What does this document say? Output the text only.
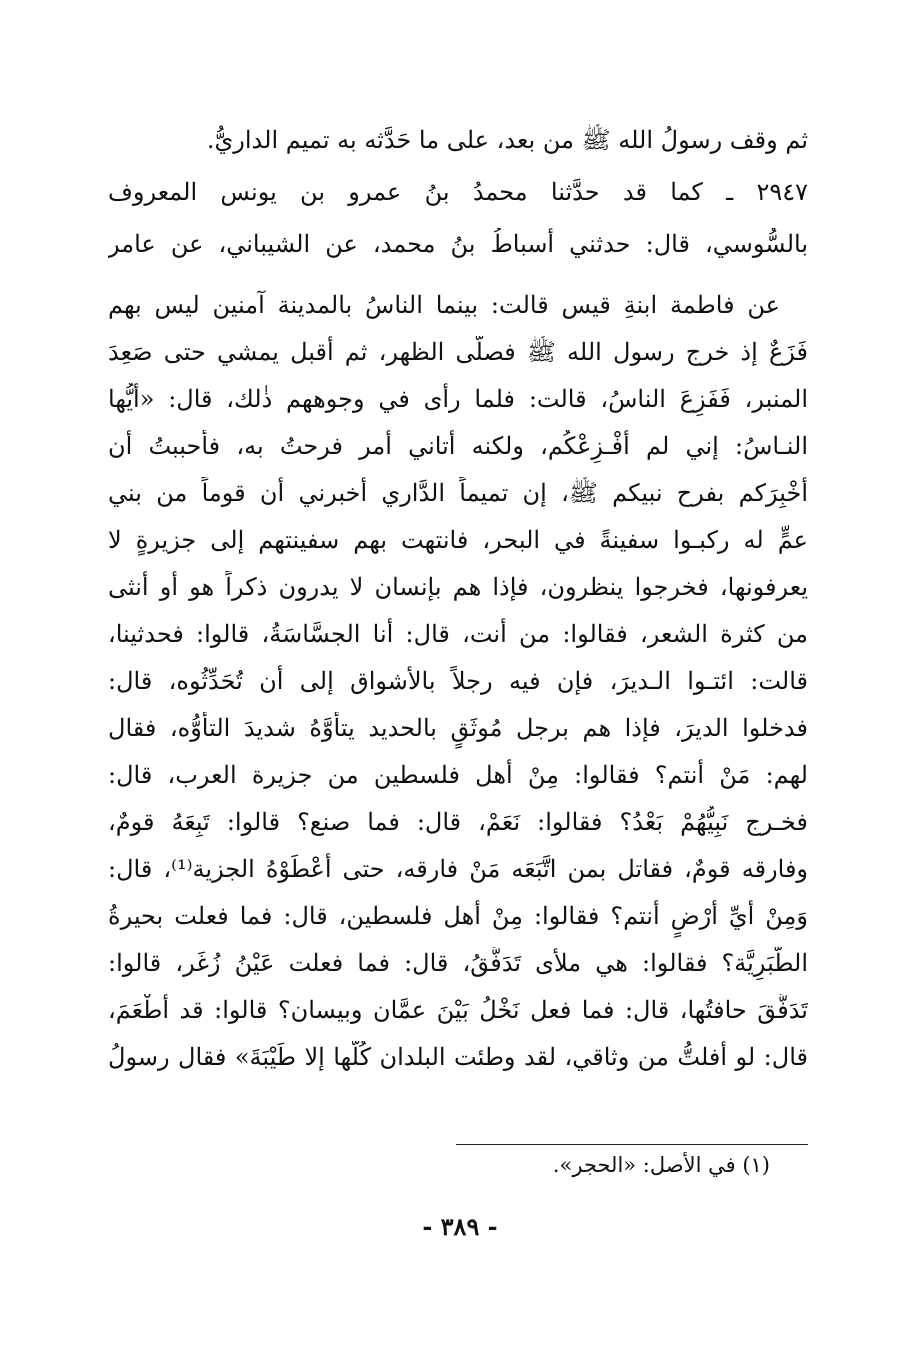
ثم وقف رسولُ الله ﷺ من بعد، على ما حَدَّثه به تميم الداريُّ.
٢٩٤٧ ـ كما قد حدَّثنا محمدُ بنُ عمرو بن يونس المعروف
بالسُّوسي، قال: حدثني أسباطُ بنُ محمد، عن الشيباني، عن عامر
عن فاطمة ابنةِ قيس قالت: بينما الناسُ بالمدينة آمنين ليس بهم
فَزَعٌ إذ خرج رسول الله ﷺ فصلَّى الظهر، ثم أقبل يمشي حتى صَعِدَ
المنبر، فَفَزِعَ الناسُ، قالت: فلما رأى في وجوههم ذٰلك، قال: «أيُّها
النـاسُ: إني لم أُفْـزِعْكُم، ولكنه أتاني أمر فرحتُ به، فأحببتُ أن
أُخْبِرَكم بفرح نبيكم ﷺ، إن تميماً الدَّاري أخبرني أن قوماً من بني
عمٍّ له ركبـوا سفينةً في البحر، فانتهت بهم سفينتهم إلى جزيرةٍ لا
يعرفونها، فخرجوا ينظرون، فإذا هم بإنسان لا يدرون ذكراً هو أو أنثى
من كثرة الشعر، فقالوا: من أنت، قال: أنا الجسَّاسَةُ، قالوا: فحدثينا،
قالت: ائتـوا الـديرَ، فإن فيه رجلاً بالأشواق إلى أن تُحَدِّثُوه، قال:
فدخلوا الديرَ، فإذا هم برجل مُوثَقٍ بالحديد يتأوَّهُ شديدَ التأوُّه، فقال
لهم: مَنْ أنتم؟ فقالوا: مِنْ أهل فلسطين من جزيرة العرب، قال:
فخـرج نَبِيُّهُمْ بَعْدُ؟ فقالوا: نَعَمْ، قال: فما صنع؟ قالوا: تَبِعَهُ قومٌ،
وفارقه قومٌ، فقاتل بمن اتَّبَعَه مَنْ فارقه، حتى أَعْطَوْهُ الجزية⁽¹⁾، قال:
وَمِنْ أَيِّ أرْضٍ أنتم؟ فقالوا: مِنْ أهل فلسطين، قال: فما فعلت بحيرةُ
الطَّبَرِيَّة؟ فقالوا: هي ملأى تَدَفَّقُ، قال: فما فعلت عَيْنُ زُغَر، قالوا:
تَدَفَّقَ حافتُها، قال: فما فعل نَخْلُ بَيْنَ عمَّان وبيسان؟ قالوا: قد أَطْعَمَ،
قال: لو أفلتُّ من وثاقي، لقد وطئت البلدان كُلَّها إلا طَيْبَةَ» فقال رسولُ
(١) في الأصل: «الحجر».
- ٣٨٩ -
